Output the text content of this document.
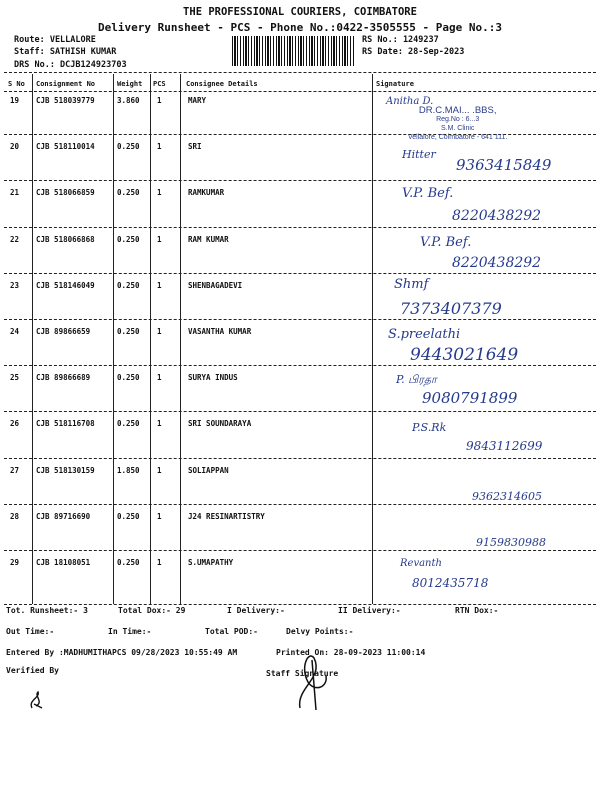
THE PROFESSIONAL COURIERS, COIMBATORE
Delivery Runsheet - PCS - Phone No.:0422-3505555 - Page No.:3
Route: VELLALORE
Staff: SATHISH KUMAR
DRS No.: DCJB124923703
RS No.: 1249237
RS Date: 28-Sep-2023
S No Consignment No	Weight PCS	Consignee Details	Signature
19 CJB 518039779	3.860 1	MARY	Anitha D.
20 CJB 518110014	0.250 1	SRI
Hitter
9363415849
21 CJB 518066859	0.250 1	RAMKUMAR	V.P. Bef.
8220438292
22 CJB 518066868	0.250 1	RAM KUMAR	V.P. Bef.
8220438292
23 CJB 518146049	0.250 1	SHENBAGADEVI	Shmf
7373407379
24 CJB 89866659	0.250 1	VASANTHA KUMAR	S.preelathi
9443021649
25 CJB 89866689	0.250 1	SURYA INDUS	P. பிரதா
9080791899
26 CJB 518116708	0.250 1	SRI SOUNDARAYA	P.S.Rk
9843112699
27 CJB 518130159	1.850 1	SOLIAPPAN
9362314605
28 CJB 89716690	0.250 1	J24 RESINARTISTRY
9159830988
29 CJB 18108051	0.250 1	S.UMAPATHY	Revanth
8012435718
DR.C.MAI... .BBS,
Reg.No : 6...3
S.M. Clinic
Vellalore, Coimbatore - 641 111.
Tot. Runsheet:- 3	Total Dox:- 29	I Delivery:-	II Delivery:-	RTN Dox:-
Out Time:-	In Time:-	Total POD:-	Delvy Points:-
Entered By :MADHUMITHAPCS 09/28/2023 10:55:49 AM	Printed On: 28-09-2023 11:00:14
Verified By	Staff Signature
